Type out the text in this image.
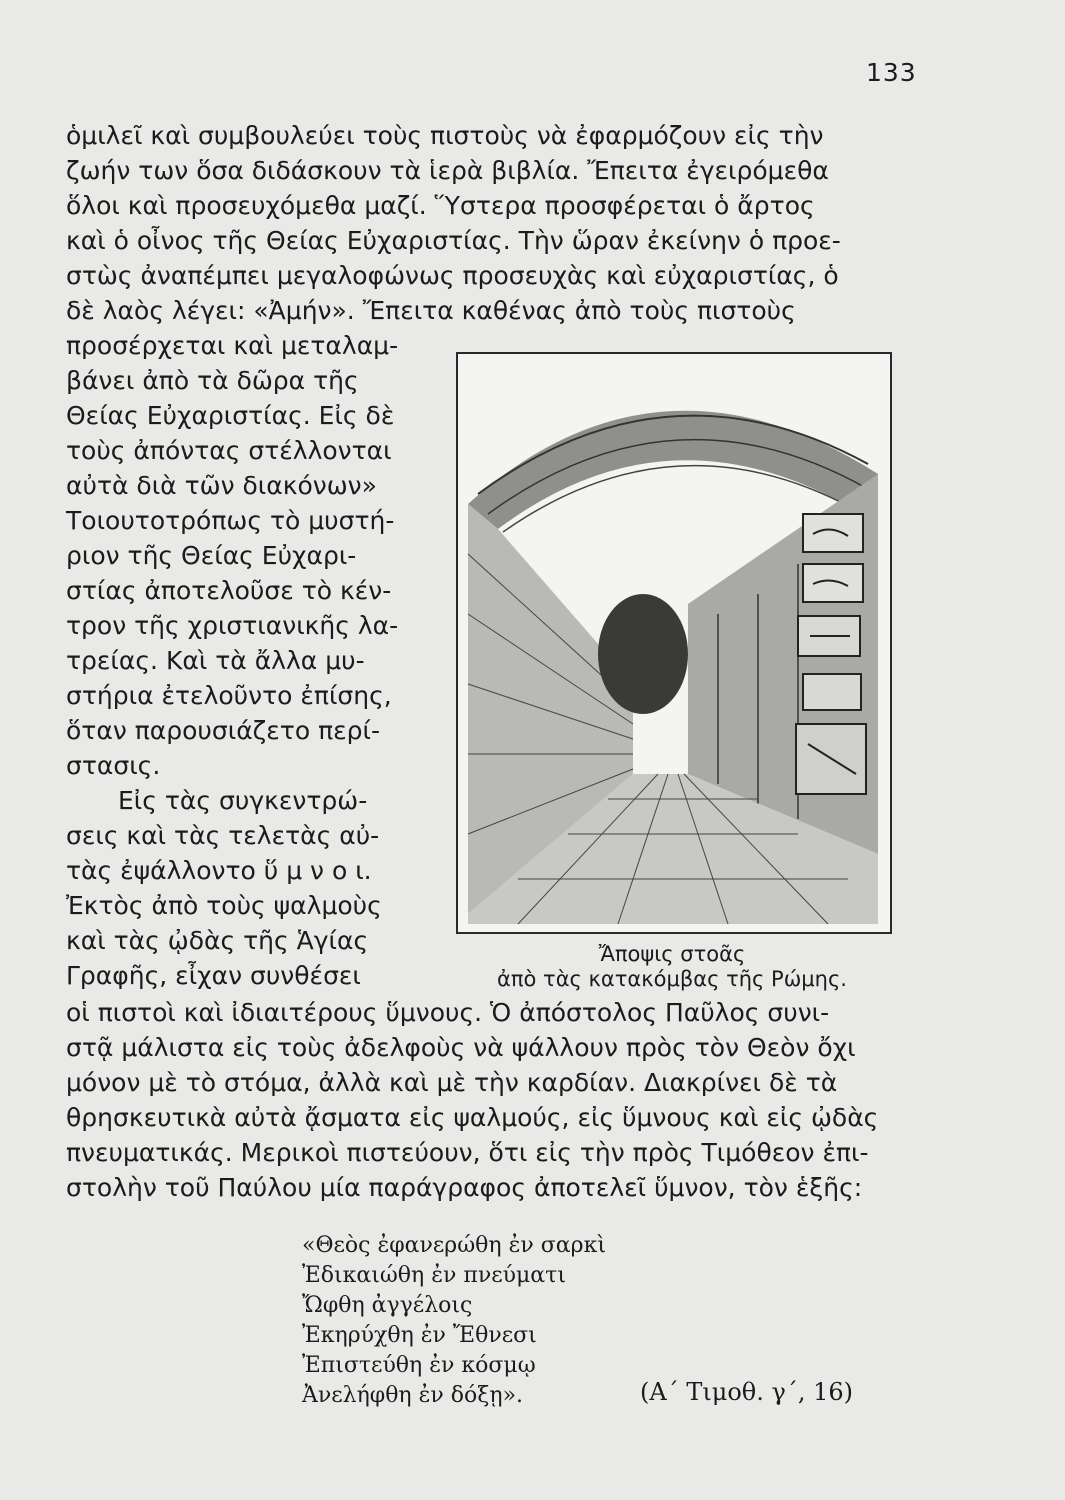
133
ὁμιλεῖ καὶ συμβουλεύει τοὺς πιστοὺς νὰ ἐφαρμόζουν εἰς τὴν
ζωήν των ὅσα διδάσκουν τὰ ἱερὰ βιβλία. Ἔπειτα ἐγειρόμεθα
ὅλοι καὶ προσευχόμεθα μαζί. Ὕστερα προσφέρεται ὁ ἄρτος
καὶ ὁ οἶνος τῆς Θείας Εὐχαριστίας. Τὴν ὥραν ἐκείνην ὁ προε-
στὼς ἀναπέμπει μεγαλοφώνως προσευχὰς καὶ εὐχαριστίας, ὁ
δὲ λαὸς λέγει: «Ἀμήν». Ἔπειτα καθένας ἀπὸ τοὺς πιστοὺς
προσέρχεται καὶ μεταλαμ-
βάνει ἀπὸ τὰ δῶρα τῆς
Θείας Εὐχαριστίας. Εἰς δὲ
τοὺς ἀπόντας στέλλονται
αὐτὰ διὰ τῶν διακόνων»
Τοιουτοτρόπως τὸ μυστή-
ριον τῆς Θείας Εὐχαρι-
στίας ἀποτελοῦσε τὸ κέν-
τρον τῆς χριστιανικῆς λα-
τρείας. Καὶ τὰ ἄλλα μυ-
στήρια ἐτελοῦντο ἐπίσης,
ὅταν παρουσιάζετο περί-
στασις.
Εἰς τὰς συγκεντρώ-
σεις καὶ τὰς τελετὰς αὐ-
τὰς ἐψάλλοντο ὕ μ ν ο ι.
Ἐκτὸς ἀπὸ τοὺς ψαλμοὺς
καὶ τὰς ᾠδὰς τῆς Ἁγίας
Γραφῆς, εἶχαν συνθέσει
Ἄποψις στοᾶς
ἀπὸ τὰς κατακόμβας τῆς Ρώμης.
οἱ πιστοὶ καὶ ἰδιαιτέρους ὕμνους. Ὁ ἀπόστολος Παῦλος συνι-
στᾷ μάλιστα εἰς τοὺς ἀδελφοὺς νὰ ψάλλουν πρὸς τὸν Θεὸν ὄχι
μόνον μὲ τὸ στόμα, ἀλλὰ καὶ μὲ τὴν καρδίαν. Διακρίνει δὲ τὰ
θρησκευτικὰ αὐτὰ ᾄσματα εἰς ψαλμούς, εἰς ὕμνους καὶ εἰς ᾠδὰς
πνευματικάς. Μερικοὶ πιστεύουν, ὅτι εἰς τὴν πρὸς Τιμόθεον ἐπι-
στολὴν τοῦ Παύλου μία παράγραφος ἀποτελεῖ ὕμνον, τὸν ἑξῆς:
«Θεὸς ἐφανερώθη ἐν σαρκὶ
Ἐδικαιώθη ἐν πνεύματι
Ὤφθη ἀγγέλοις
Ἐκηρύχθη ἐν Ἔθνεσι
Ἐπιστεύθη ἐν κόσμῳ
Ἀνελήφθη ἐν δόξῃ».	(Α΄ Τιμοθ. γ΄, 16)
